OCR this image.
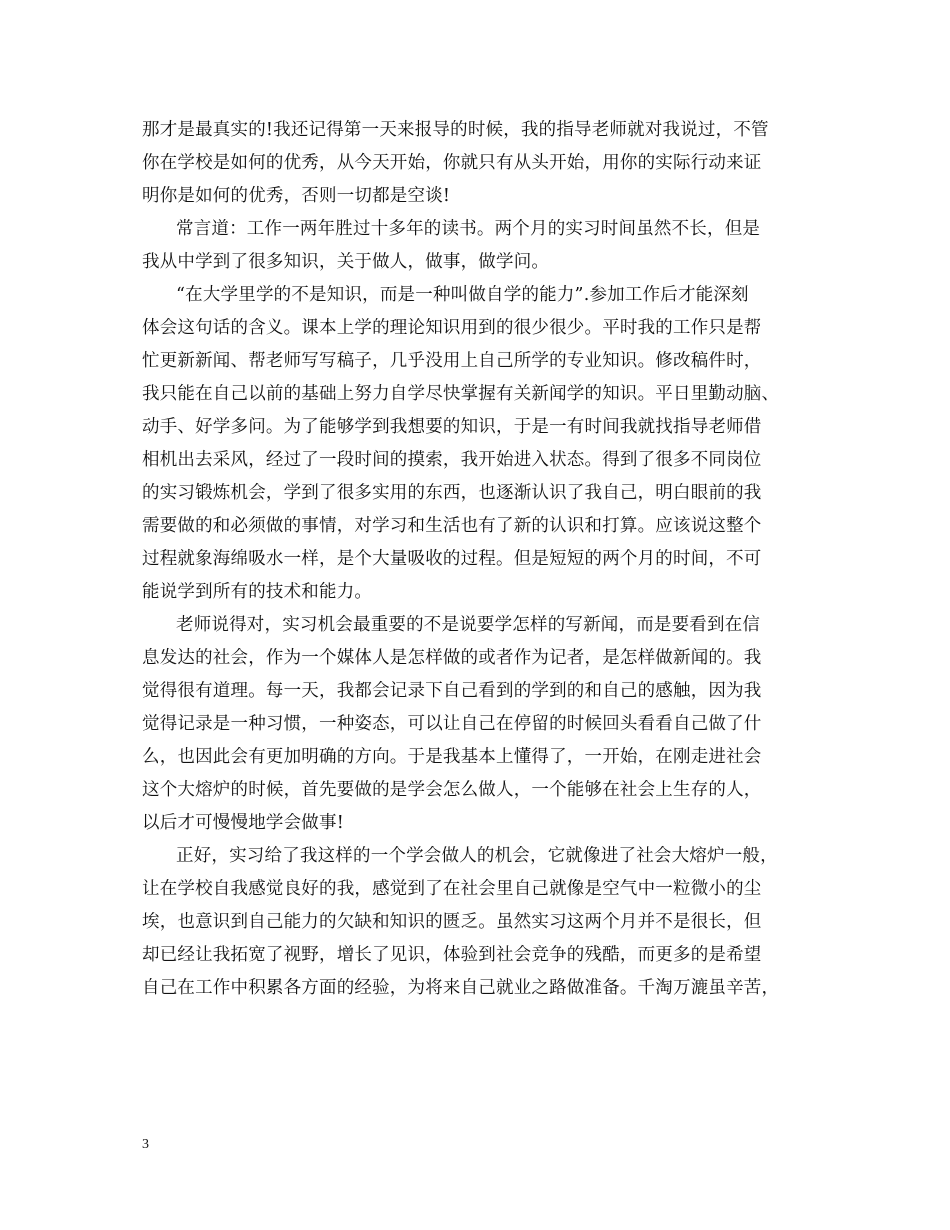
那才是最真实的!我还记得第一天来报导的时候，我的指导老师就对我说过，不管
你在学校是如何的优秀，从今天开始，你就只有从头开始，用你的实际行动来证
明你是如何的优秀，否则一切都是空谈!
常言道：工作一两年胜过十多年的读书。两个月的实习时间虽然不长，但是
我从中学到了很多知识，关于做人，做事，做学问。
“在大学里学的不是知识，而是一种叫做自学的能力”.参加工作后才能深刻
体会这句话的含义。课本上学的理论知识用到的很少很少。平时我的工作只是帮
忙更新新闻、帮老师写写稿子，几乎没用上自己所学的专业知识。修改稿件时，
我只能在自己以前的基础上努力自学尽快掌握有关新闻学的知识。平日里勤动脑、
动手、好学多问。为了能够学到我想要的知识，于是一有时间我就找指导老师借
相机出去采风，经过了一段时间的摸索，我开始进入状态。得到了很多不同岗位
的实习锻炼机会，学到了很多实用的东西，也逐渐认识了我自己，明白眼前的我
需要做的和必须做的事情，对学习和生活也有了新的认识和打算。应该说这整个
过程就象海绵吸水一样，是个大量吸收的过程。但是短短的两个月的时间，不可
能说学到所有的技术和能力。
老师说得对，实习机会最重要的不是说要学怎样的写新闻，而是要看到在信
息发达的社会，作为一个媒体人是怎样做的或者作为记者，是怎样做新闻的。我
觉得很有道理。每一天，我都会记录下自己看到的学到的和自己的感触，因为我
觉得记录是一种习惯，一种姿态，可以让自己在停留的时候回头看看自己做了什
么，也因此会有更加明确的方向。于是我基本上懂得了，一开始，在刚走进社会
这个大熔炉的时候，首先要做的是学会怎么做人，一个能够在社会上生存的人，
以后才可慢慢地学会做事!
正好，实习给了我这样的一个学会做人的机会，它就像进了社会大熔炉一般，
让在学校自我感觉良好的我，感觉到了在社会里自己就像是空气中一粒微小的尘
埃，也意识到自己能力的欠缺和知识的匮乏。虽然实习这两个月并不是很长，但
却已经让我拓宽了视野，增长了见识，体验到社会竞争的残酷，而更多的是希望
自己在工作中积累各方面的经验，为将来自己就业之路做准备。千淘万漉虽辛苦，
3
